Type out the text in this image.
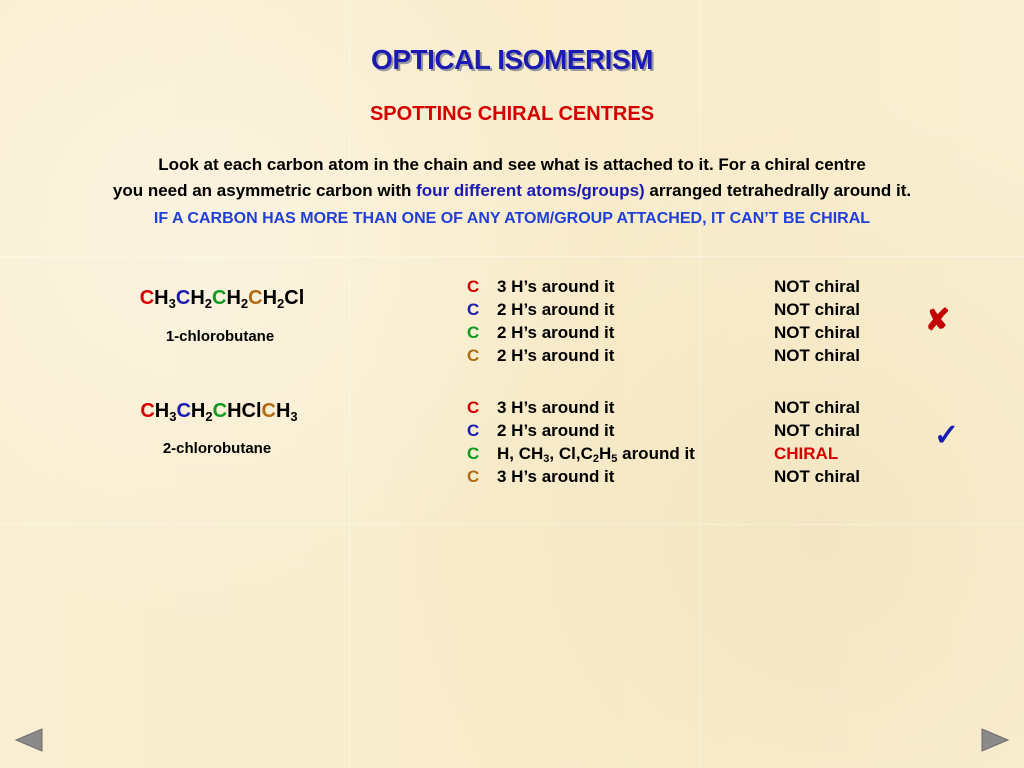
OPTICAL ISOMERISM
SPOTTING CHIRAL CENTRES
Look at each carbon atom in the chain and see what is attached to it. For a chiral centre
you need an asymmetric carbon with four different atoms/groups) arranged tetrahedrally around it.
IF A CARBON HAS MORE THAN ONE OF ANY ATOM/GROUP ATTACHED, IT CAN’T BE CHIRAL
$CH_3CH_2CH_2CH_2Cl$
1-chlorobutane
C 3 H’s around it	NOT chiral
C 2 H’s around it	NOT chiral
C 2 H’s around it	NOT chiral
C 2 H’s around it	NOT chiral
✘
$CH_3CH_2CHClCH_3$
2-chlorobutane
C 3 H’s around it	NOT chiral
C 2 H’s around it	NOT chiral
C H, $CH_3$, $Cl,C_2H_5$ around it	CHIRAL
C 3 H’s around it	NOT chiral
✓
